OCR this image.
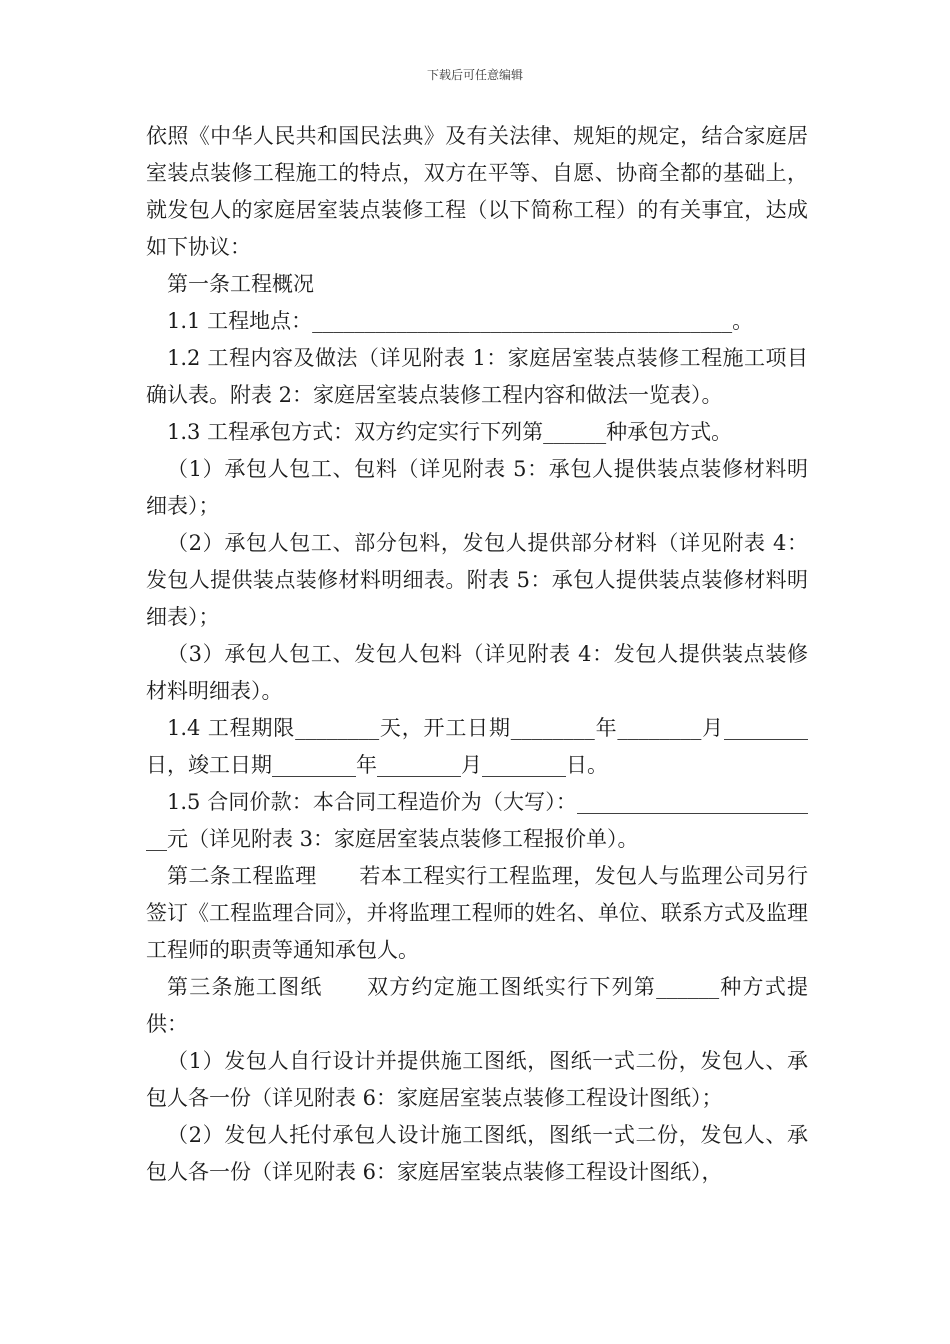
下载后可任意编辑

依照《中华人民共和国民法典》及有关法律、规矩的规定，结合家庭居室装点装修工程施工的特点，双方在平等、自愿、协商全都的基础上，就发包人的家庭居室装点装修工程（以下简称工程）的有关事宜，达成如下协议：

第一条工程概况

1.1 工程地点：________________________________________。

1.2 工程内容及做法（详见附表 1：家庭居室装点装修工程施工项目确认表。附表 2：家庭居室装点装修工程内容和做法一览表）。

1.3 工程承包方式：双方约定实行下列第______种承包方式。

（1）承包人包工、包料（详见附表 5：承包人提供装点装修材料明细表）；

（2）承包人包工、部分包料，发包人提供部分材料（详见附表 4：发包人提供装点装修材料明细表。附表 5：承包人提供装点装修材料明细表）；

（3）承包人包工、发包人包料（详见附表 4：发包人提供装点装修材料明细表）。

1.4 工程期限________天，开工日期________年________月________日，竣工日期________年________月________日。

1.5 合同价款：本合同工程造价为（大写）：________________________元（详见附表 3：家庭居室装点装修工程报价单）。

第二条工程监理　　若本工程实行工程监理，发包人与监理公司另行签订《工程监理合同》，并将监理工程师的姓名、单位、联系方式及监理工程师的职责等通知承包人。

第三条施工图纸　　双方约定施工图纸实行下列第______种方式提供：

（1）发包人自行设计并提供施工图纸，图纸一式二份，发包人、承包人各一份（详见附表 6：家庭居室装点装修工程设计图纸）；

（2）发包人托付承包人设计施工图纸，图纸一式二份，发包人、承包人各一份（详见附表 6：家庭居室装点装修工程设计图纸），
